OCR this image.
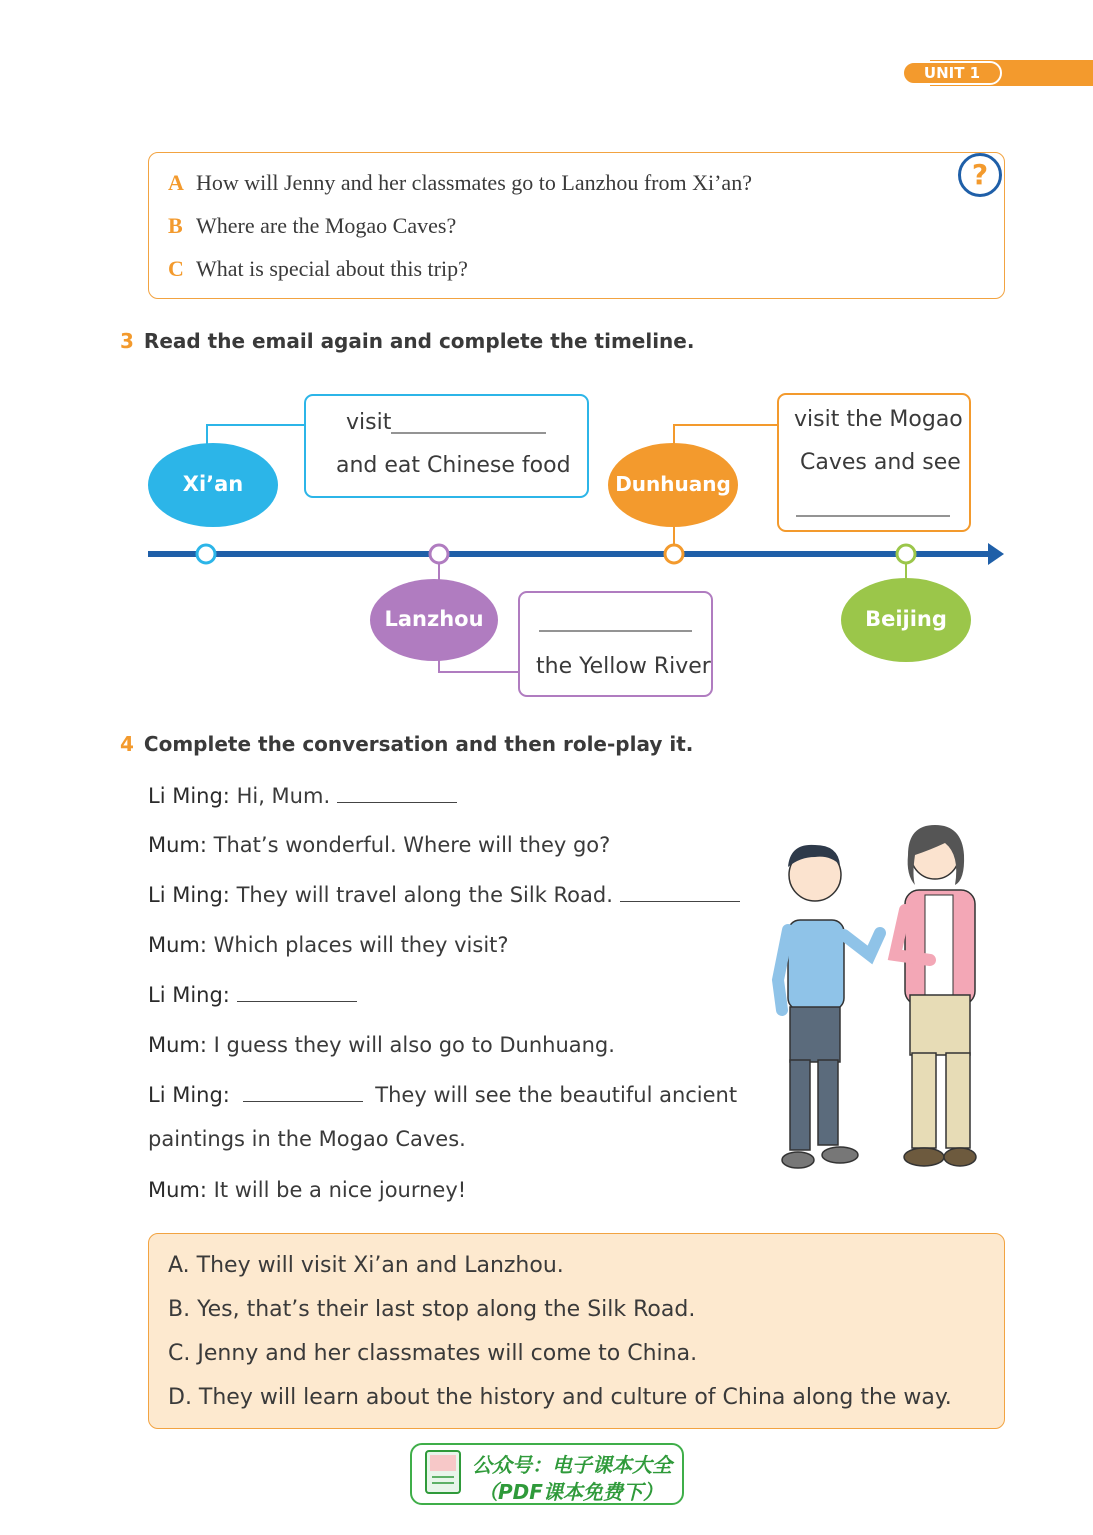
UNIT 1
?
A How will Jenny and her classmates go to Lanzhou from Xi’an?
B Where are the Mogao Caves?
C What is special about this trip?
3 Read the email again and complete the timeline.
Xi’an	Dunhuang
Lanzhou	Beijing
visit
and eat Chinese food
visit the Mogao
Caves and see
the Yellow River
4 Complete the conversation and then role-play it.
Li Ming: Hi, Mum.
Mum: That’s wonderful. Where will they go?
Li Ming: They will travel along the Silk Road.
Mum: Which places will they visit?
Li Ming:
Mum: I guess they will also go to Dunhuang.
Li Ming:	They will see the beautiful ancient
paintings in the Mogao Caves.
Mum: It will be a nice journey!
A. They will visit Xi’an and Lanzhou.
B. Yes, that’s their last stop along the Silk Road.
C. Jenny and her classmates will come to China.
D. They will learn about the history and culture of China along the way.
公众号：电子课本大全
（PDF课本免费下）
